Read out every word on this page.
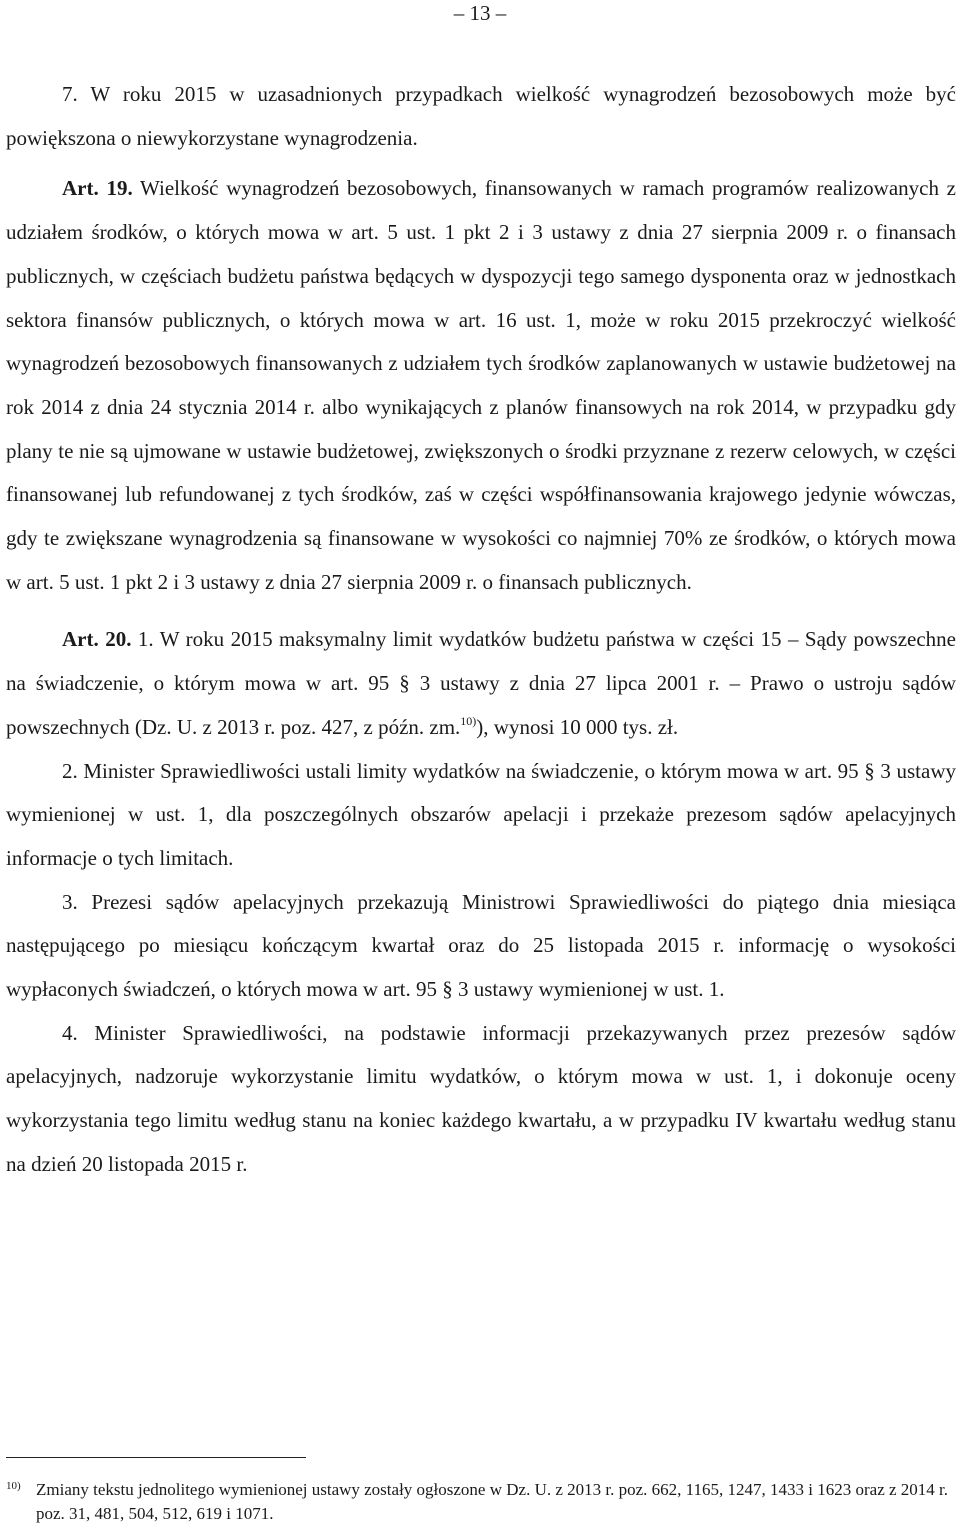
– 13 –

7. W roku 2015 w uzasadnionych przypadkach wielkość wynagrodzeń bezosobowych może być powiększona o niewykorzystane wynagrodzenia.

Art. 19. Wielkość wynagrodzeń bezosobowych, finansowanych w ramach programów realizowanych z udziałem środków, o których mowa w art. 5 ust. 1 pkt 2 i 3 ustawy z dnia 27 sierpnia 2009 r. o finansach publicznych, w częściach budżetu państwa będących w dyspozycji tego samego dysponenta oraz w jednostkach sektora finansów publicznych, o których mowa w art. 16 ust. 1, może w roku 2015 przekroczyć wielkość wynagrodzeń bezosobowych finansowanych z udziałem tych środków zaplanowanych w ustawie budżetowej na rok 2014 z dnia 24 stycznia 2014 r. albo wynikających z planów finansowych na rok 2014, w przypadku gdy plany te nie są ujmowane w ustawie budżetowej, zwiększonych o środki przyznane z rezerw celowych, w części finansowanej lub refundowanej z tych środków, zaś w części współfinansowania krajowego jedynie wówczas, gdy te zwiększane wynagrodzenia są finansowane w wysokości co najmniej 70% ze środków, o których mowa w art. 5 ust. 1 pkt 2 i 3 ustawy z dnia 27 sierpnia 2009 r. o finansach publicznych.

Art. 20. 1. W roku 2015 maksymalny limit wydatków budżetu państwa w części 15 – Sądy powszechne na świadczenie, o którym mowa w art. 95 § 3 ustawy z dnia 27 lipca 2001 r. – Prawo o ustroju sądów powszechnych (Dz. U. z 2013 r. poz. 427, z późn. zm.$^{10)}$), wynosi 10 000 tys. zł.

2. Minister Sprawiedliwości ustali limity wydatków na świadczenie, o którym mowa w art. 95 § 3 ustawy wymienionej w ust. 1, dla poszczególnych obszarów apelacji i przekaże prezesom sądów apelacyjnych informacje o tych limitach.

3. Prezesi sądów apelacyjnych przekazują Ministrowi Sprawiedliwości do piątego dnia miesiąca następującego po miesiącu kończącym kwartał oraz do 25 listopada 2015 r. informację o wysokości wypłaconych świadczeń, o których mowa w art. 95 § 3 ustawy wymienionej w ust. 1.

4. Minister Sprawiedliwości, na podstawie informacji przekazywanych przez prezesów sądów apelacyjnych, nadzoruje wykorzystanie limitu wydatków, o którym mowa w ust. 1, i dokonuje oceny wykorzystania tego limitu według stanu na koniec każdego kwartału, a w przypadku IV kwartału według stanu na dzień 20 listopada 2015 r.

10) Zmiany tekstu jednolitego wymienionej ustawy zostały ogłoszone w Dz. U. z 2013 r. poz. 662, 1165, 1247, 1433 i 1623 oraz z 2014 r. poz. 31, 481, 504, 512, 619 i 1071.
